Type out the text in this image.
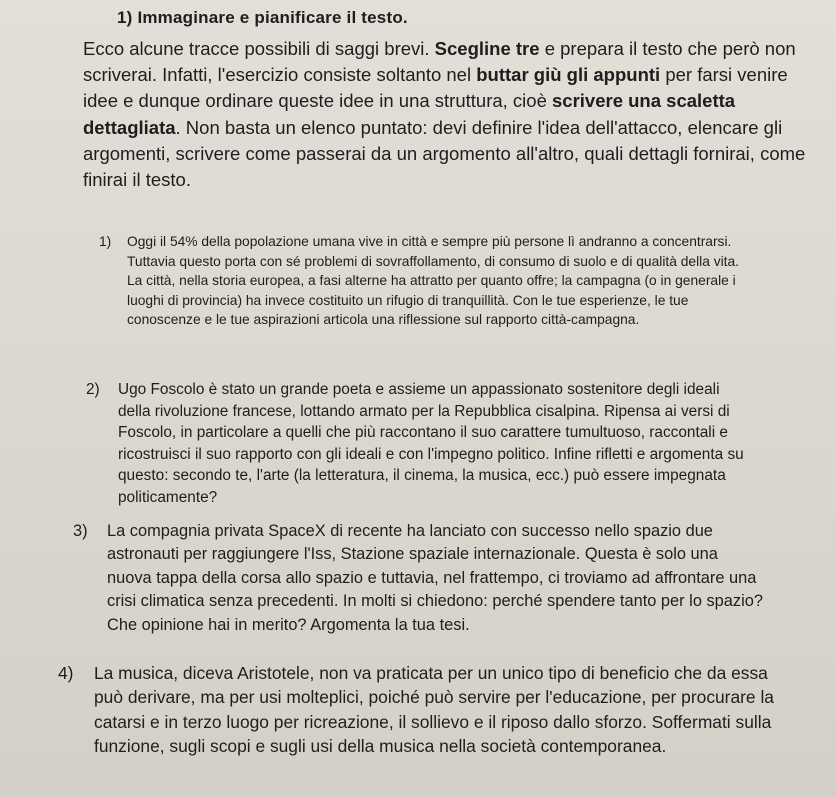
1) Immaginare e pianificare il testo.
Ecco alcune tracce possibili di saggi brevi. Scegline tre e prepara il testo che però non scriverai. Infatti, l'esercizio consiste soltanto nel buttar giù gli appunti per farsi venire idee e dunque ordinare queste idee in una struttura, cioè scrivere una scaletta dettagliata. Non basta un elenco puntato: devi definire l'idea dell'attacco, elencare gli argomenti, scrivere come passerai da un argomento all'altro, quali dettagli fornirai, come finirai il testo.
1)	Oggi il 54% della popolazione umana vive in città e sempre più persone lì andranno a concentrarsi. Tuttavia questo porta con sé problemi di sovraffollamento, di consumo di suolo e di qualità della vita. La città, nella storia europea, a fasi alterne ha attratto per quanto offre; la campagna (o in generale i luoghi di provincia) ha invece costituito un rifugio di tranquillità. Con le tue esperienze, le tue conoscenze e le tue aspirazioni articola una riflessione sul rapporto città-campagna.
2)	Ugo Foscolo è stato un grande poeta e assieme un appassionato sostenitore degli ideali della rivoluzione francese, lottando armato per la Repubblica cisalpina. Ripensa ai versi di Foscolo, in particolare a quelli che più raccontano il suo carattere tumultuoso, raccontali e ricostruisci il suo rapporto con gli ideali e con l'impegno politico. Infine rifletti e argomenta su questo: secondo te, l'arte (la letteratura, il cinema, la musica, ecc.) può essere impegnata politicamente?
3)	La compagnia privata SpaceX di recente ha lanciato con successo nello spazio due astronauti per raggiungere l'Iss, Stazione spaziale internazionale. Questa è solo una nuova tappa della corsa allo spazio e tuttavia, nel frattempo, ci troviamo ad affrontare una crisi climatica senza precedenti. In molti si chiedono: perché spendere tanto per lo spazio? Che opinione hai in merito? Argomenta la tua tesi.
4)	La musica, diceva Aristotele, non va praticata per un unico tipo di beneficio che da essa può derivare, ma per usi molteplici, poiché può servire per l'educazione, per procurare la catarsi e in terzo luogo per ricreazione, il sollievo e il riposo dallo sforzo. Soffermati sulla funzione, sugli scopi e sugli usi della musica nella società contemporanea.
